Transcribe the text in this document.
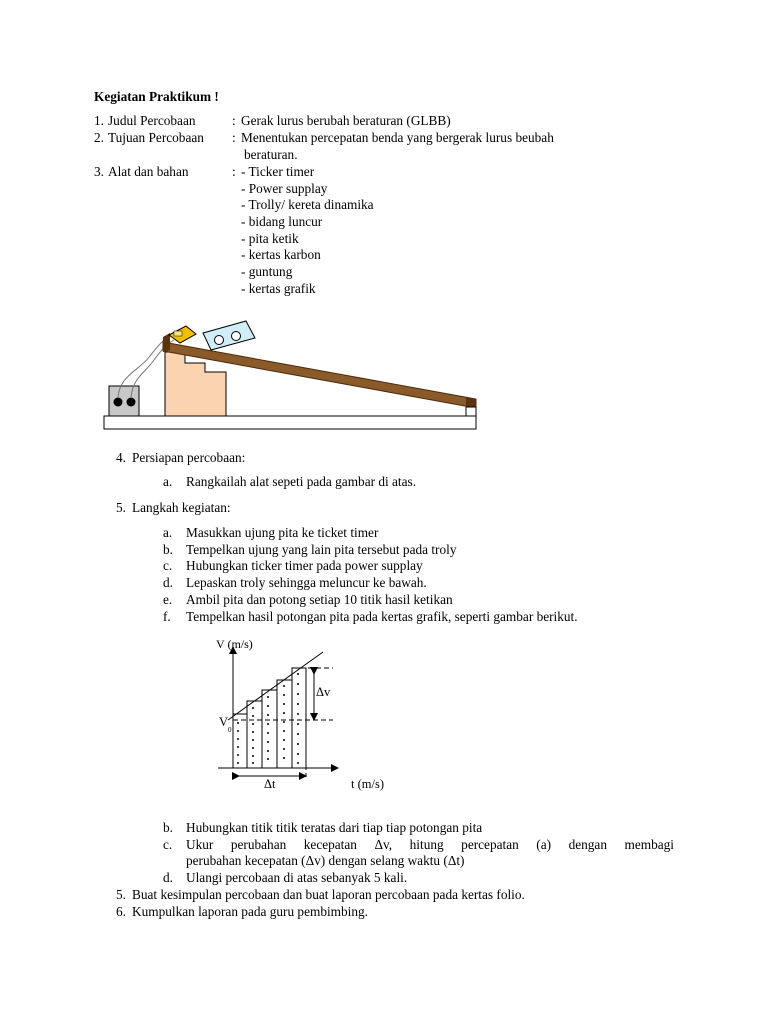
Kegiatan Praktikum !
1. Judul Percobaan	: Gerak lurus berubah beraturan (GLBB)
2. Tujuan Percobaan : Menentukan percepatan benda yang bergerak lurus beubah
beraturan.
3. Alat dan bahan	: - Ticker timer
- Power supplay
- Trolly/ kereta dinamika
- bidang luncur
- pita ketik
- kertas karbon
- guntung
- kertas grafik
4. Persiapan percobaan:
a. Rangkailah alat sepeti pada gambar di atas.
5. Langkah kegiatan:
a. Masukkan ujung pita ke ticket timer
b. Tempelkan ujung yang lain pita tersebut pada troly
c. Hubungkan ticker timer pada power supplay
d. Lepaskan troly sehingga meluncur ke bawah.
e. Ambil pita dan potong setiap 10 titik hasil ketikan
f. Tempelkan hasil potongan pita pada kertas grafik, seperti gambar berikut.
V (m/s)
t (m/s)
V
0
Δv
Δt
b. Hubungkan titik titik teratas dari tiap tiap potongan pita
c. Ukur perubahan kecepatan Δv, hitung percepatan (a) dengan membagi
perubahan kecepatan (Δv) dengan selang waktu (Δt)
d. Ulangi percobaan di atas sebanyak 5 kali.
5. Buat kesimpulan percobaan dan buat laporan percobaan pada kertas folio.
6. Kumpulkan laporan pada guru pembimbing.
